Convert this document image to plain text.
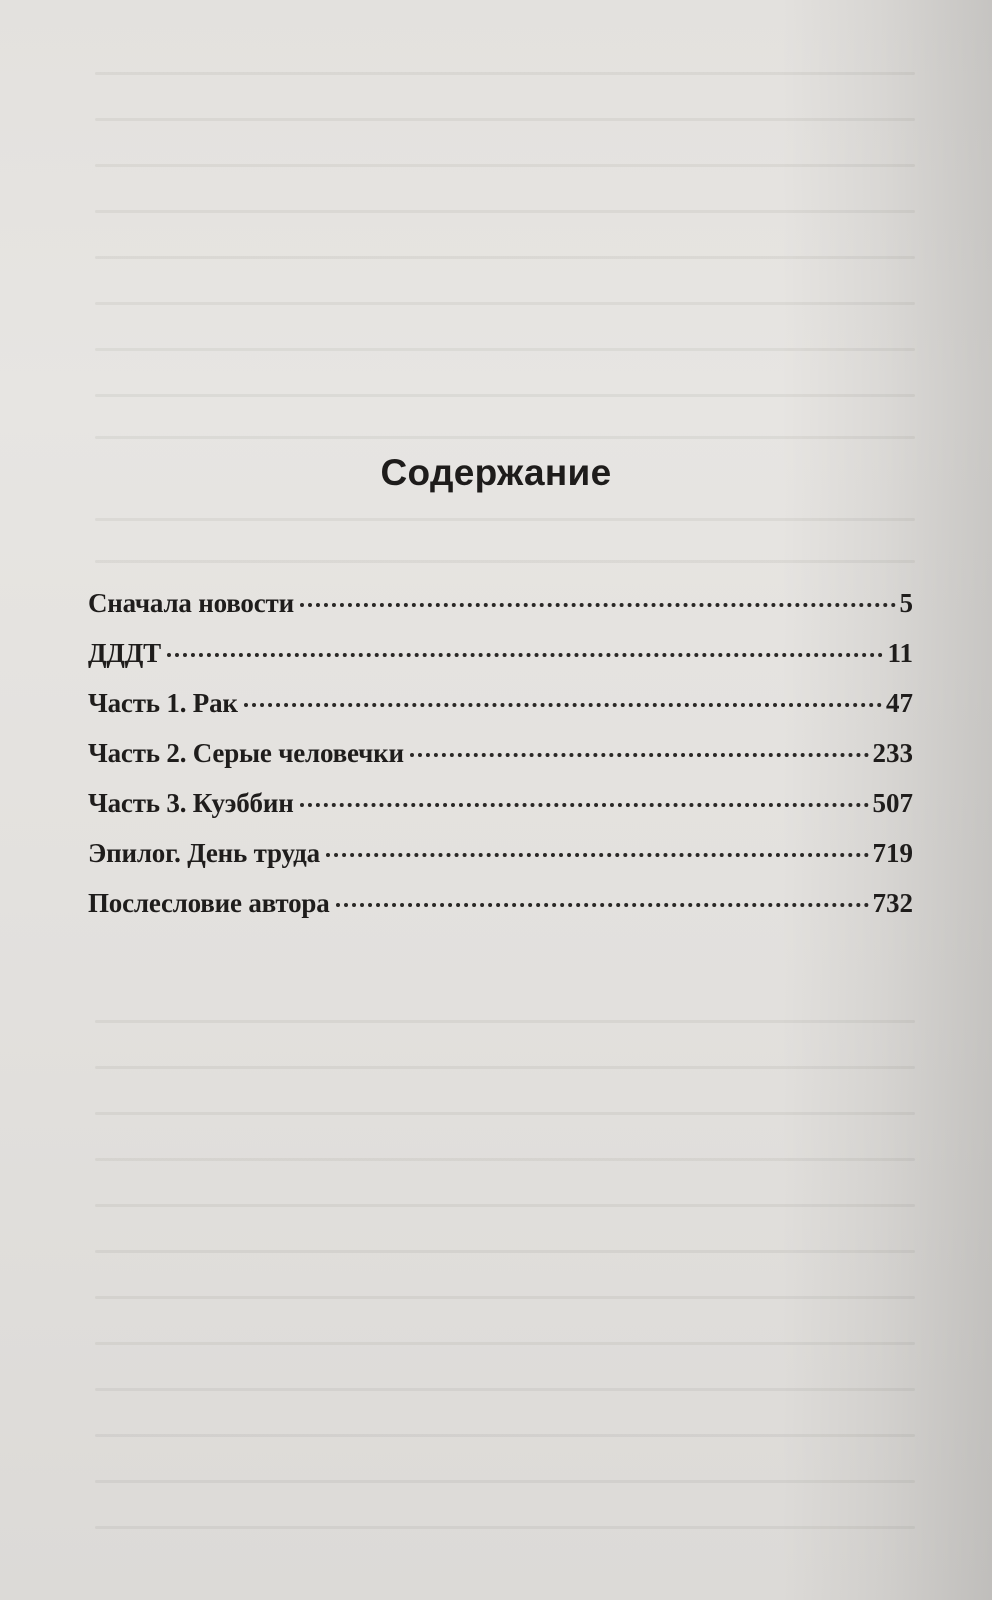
Содержание
Сначала новости	5
ДДДТ	11
Часть 1. Рак	47
Часть 2. Серые человечки	233
Часть 3. Куэббин	507
Эпилог. День труда	719
Послесловие автора	732
